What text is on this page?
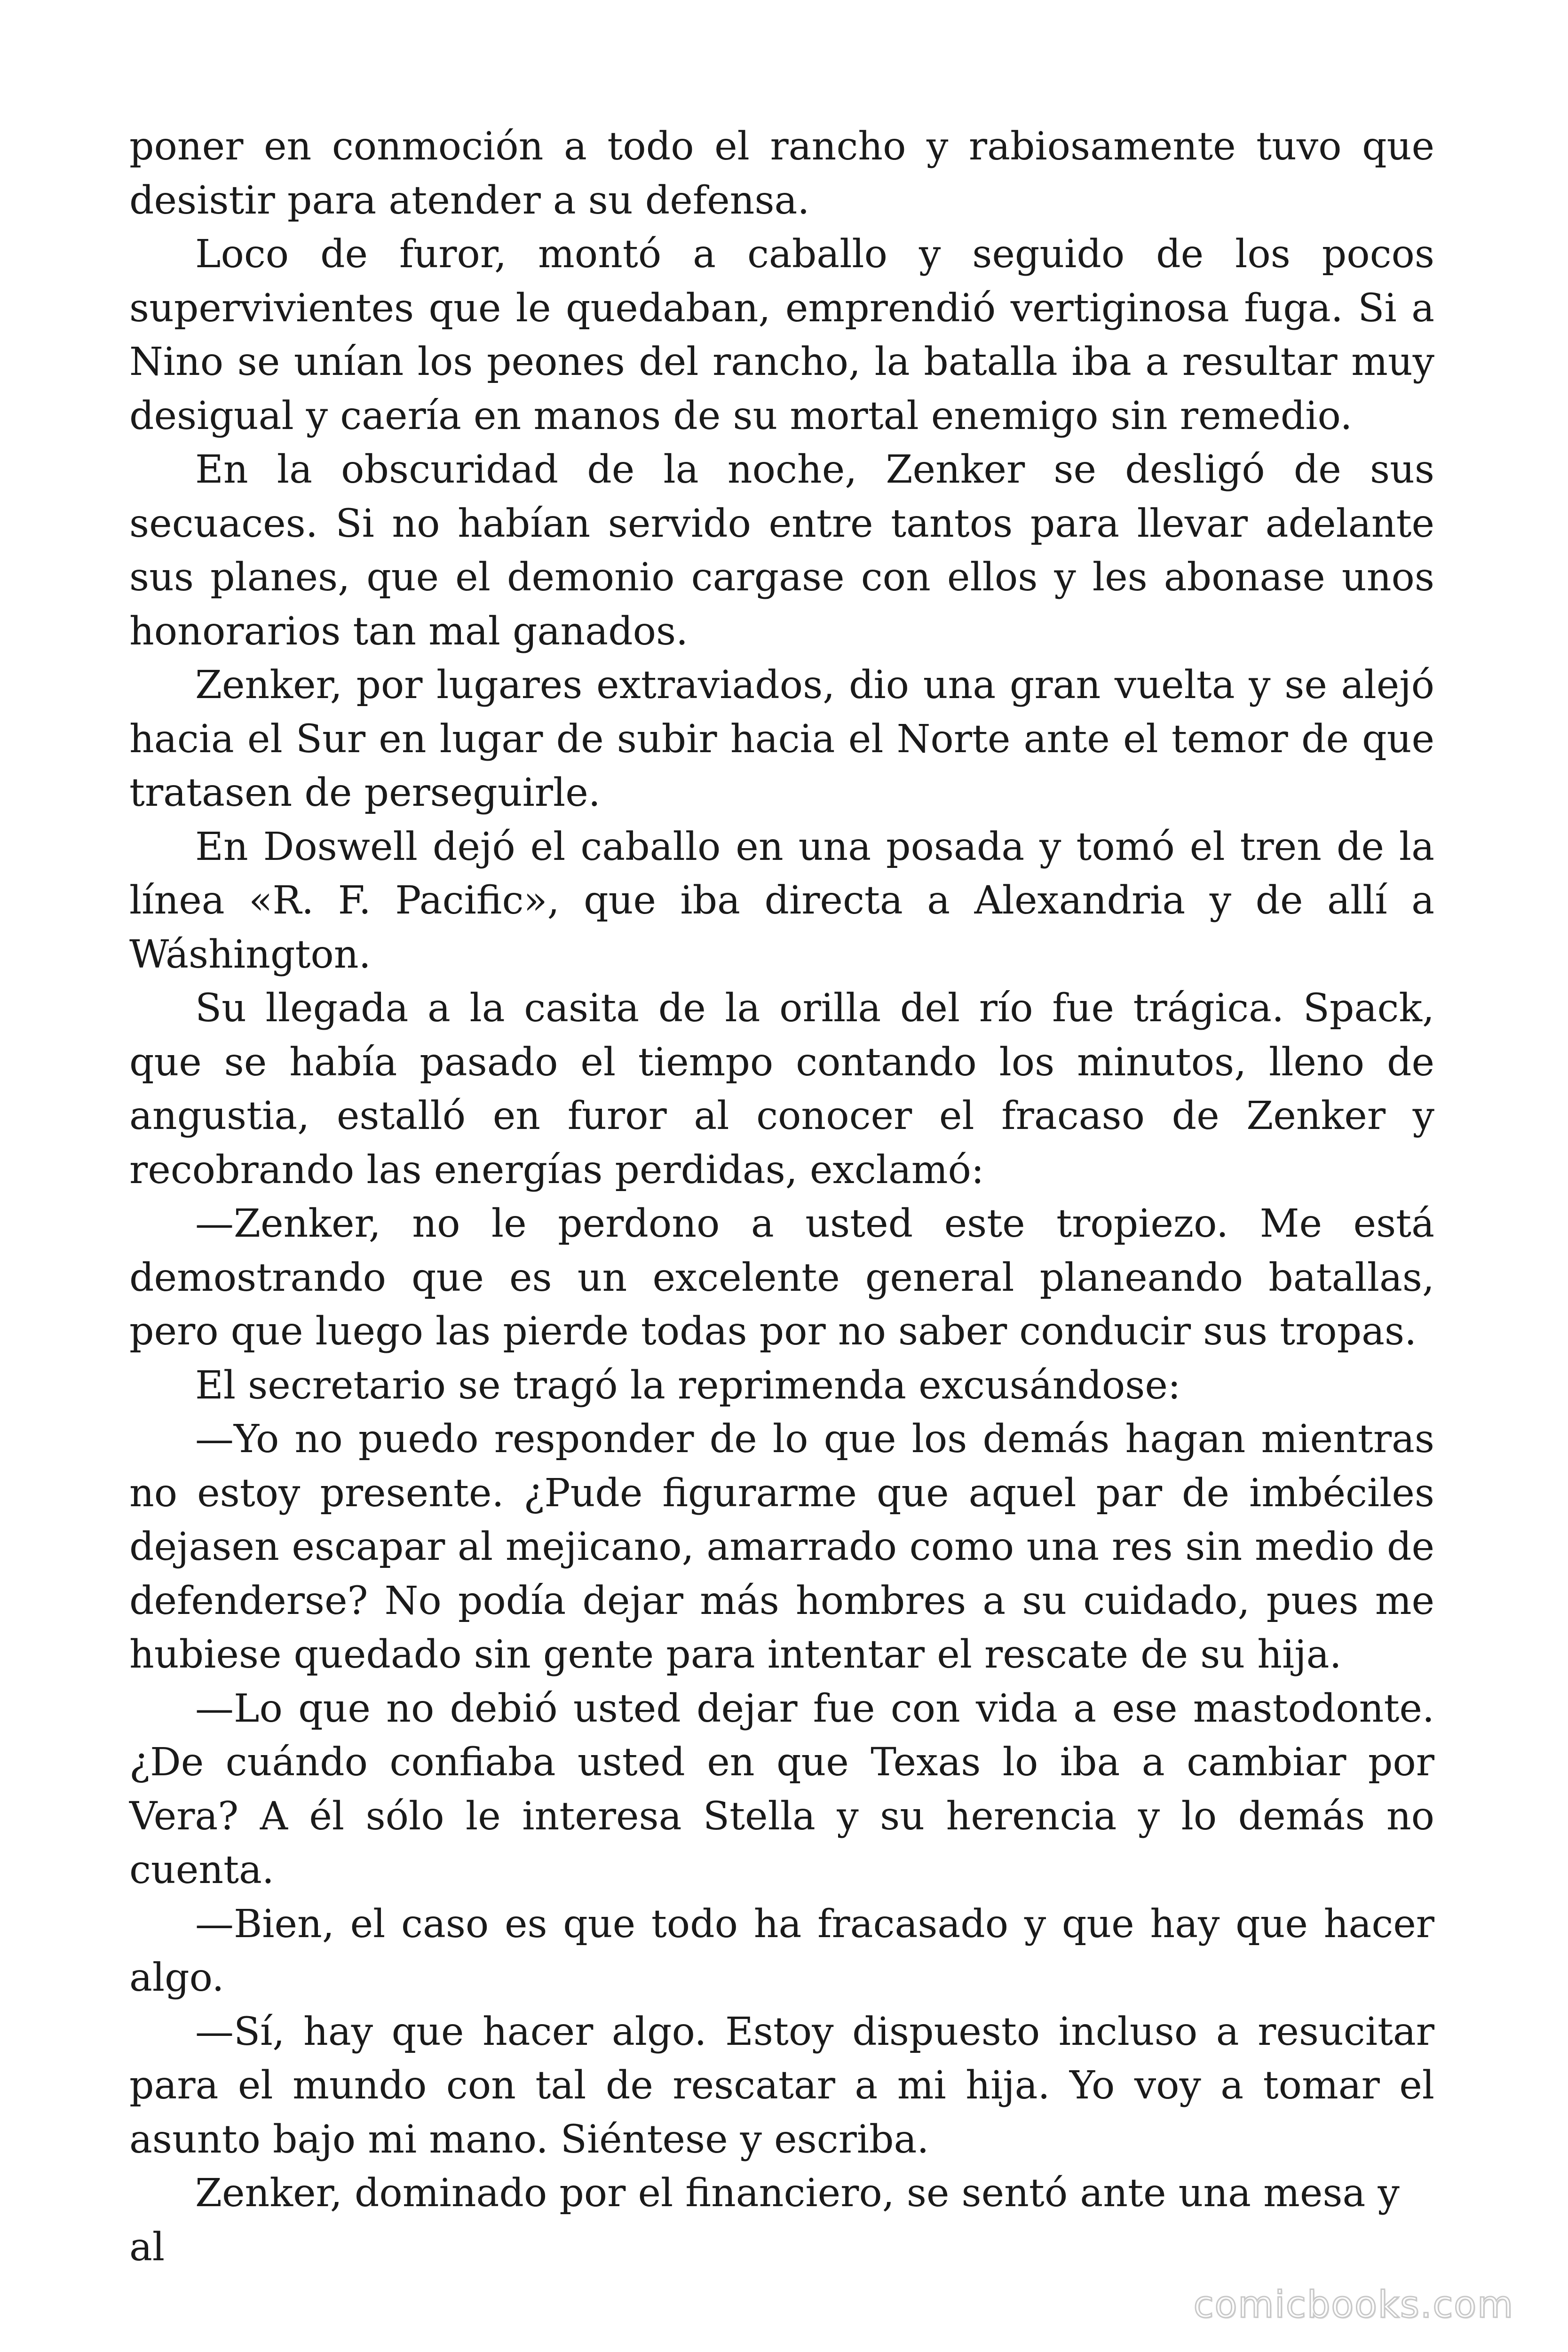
poner en conmoción a todo el rancho y rabiosamente tuvo que desistir para atender a su defensa.

Loco de furor, montó a caballo y seguido de los pocos supervivientes que le quedaban, emprendió vertiginosa fuga. Si a Nino se unían los peones del rancho, la batalla iba a resultar muy desigual y caería en manos de su mortal enemigo sin remedio.

En la obscuridad de la noche, Zenker se desligó de sus secuaces. Si no habían servido entre tantos para llevar adelante sus planes, que el demonio cargase con ellos y les abonase unos honorarios tan mal ganados.

Zenker, por lugares extraviados, dio una gran vuelta y se alejó hacia el Sur en lugar de subir hacia el Norte ante el temor de que tratasen de perseguirle.

En Doswell dejó el caballo en una posada y tomó el tren de la línea «R. F. Pacific», que iba directa a Alexandria y de allí a Wáshington.

Su llegada a la casita de la orilla del río fue trágica. Spack, que se había pasado el tiempo contando los minutos, lleno de angustia, estalló en furor al conocer el fracaso de Zenker y recobrando las energías perdidas, exclamó:

—Zenker, no le perdono a usted este tropiezo. Me está demostrando que es un excelente general planeando batallas, pero que luego las pierde todas por no saber conducir sus tropas.

El secretario se tragó la reprimenda excusándose:

—Yo no puedo responder de lo que los demás hagan mientras no estoy presente. ¿Pude figurarme que aquel par de imbéciles dejasen escapar al mejicano, amarrado como una res sin medio de defenderse? No podía dejar más hombres a su cuidado, pues me hubiese quedado sin gente para intentar el rescate de su hija.

—Lo que no debió usted dejar fue con vida a ese mastodonte. ¿De cuándo confiaba usted en que Texas lo iba a cambiar por Vera? A él sólo le interesa Stella y su herencia y lo demás no cuenta.

—Bien, el caso es que todo ha fracasado y que hay que hacer algo.

—Sí, hay que hacer algo. Estoy dispuesto incluso a resucitar para el mundo con tal de rescatar a mi hija. Yo voy a tomar el asunto bajo mi mano. Siéntese y escriba.

Zenker, dominado por el financiero, se sentó ante una mesa y al

comicbooks.com
